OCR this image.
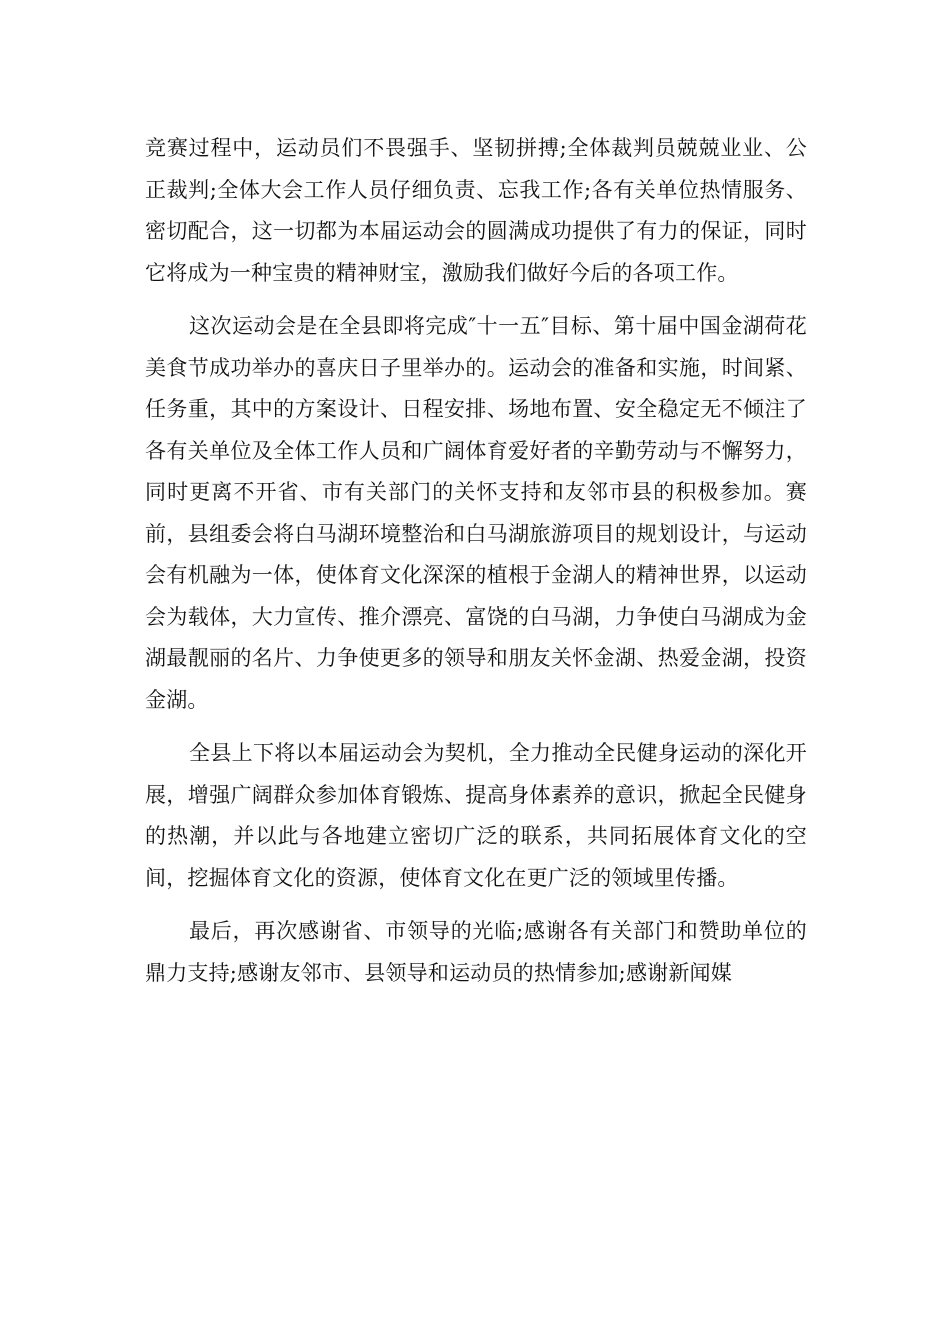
竞赛过程中，运动员们不畏强手、坚韧拼搏;全体裁判员兢兢业业、公正裁判;全体大会工作人员仔细负责、忘我工作;各有关单位热情服务、密切配合，这一切都为本届运动会的圆满成功提供了有力的保证，同时它将成为一种宝贵的精神财宝，激励我们做好今后的各项工作。

这次运动会是在全县即将完成″十一五″目标、第十届中国金湖荷花美食节成功举办的喜庆日子里举办的。运动会的准备和实施，时间紧、任务重，其中的方案设计、日程安排、场地布置、安全稳定无不倾注了各有关单位及全体工作人员和广阔体育爱好者的辛勤劳动与不懈努力，同时更离不开省、市有关部门的关怀支持和友邻市县的积极参加。赛前，县组委会将白马湖环境整治和白马湖旅游项目的规划设计，与运动会有机融为一体，使体育文化深深的植根于金湖人的精神世界，以运动会为载体，大力宣传、推介漂亮、富饶的白马湖，力争使白马湖成为金湖最靓丽的名片、力争使更多的领导和朋友关怀金湖、热爱金湖，投资金湖。

全县上下将以本届运动会为契机，全力推动全民健身运动的深化开展，增强广阔群众参加体育锻炼、提高身体素养的意识，掀起全民健身的热潮，并以此与各地建立密切广泛的联系，共同拓展体育文化的空间，挖掘体育文化的资源，使体育文化在更广泛的领域里传播。

最后，再次感谢省、市领导的光临;感谢各有关部门和赞助单位的鼎力支持;感谢友邻市、县领导和运动员的热情参加;感谢新闻媒
